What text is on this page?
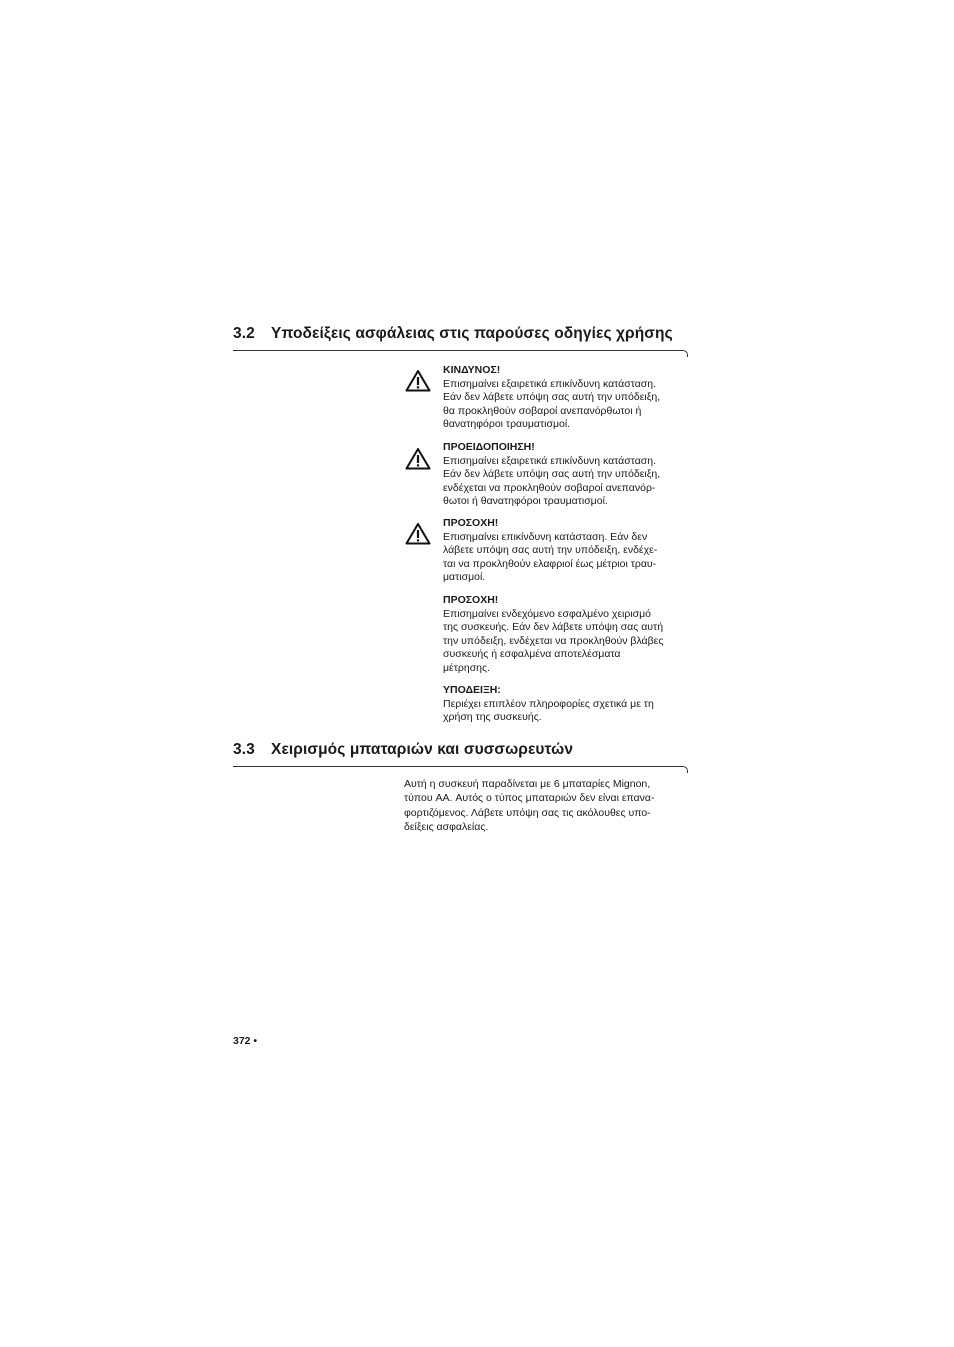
3.2 Υποδείξεις ασφάλειας στις παρούσες οδηγίες χρήσης
ΚΙΝΔΥΝΟΣ!
Επισημαίνει εξαιρετικά επικίνδυνη κατάσταση.
Εάν δεν λάβετε υπόψη σας αυτή την υπόδειξη,
θα προκληθούν σοβαροί ανεπανόρθωτοι ή
θανατηφόροι τραυματισμοί.
ΠΡΟΕΙΔΟΠΟΙΗΣΗ!
Επισημαίνει εξαιρετικά επικίνδυνη κατάσταση.
Εάν δεν λάβετε υπόψη σας αυτή την υπόδειξη,
ενδέχεται να προκληθούν σοβαροί ανεπανόρ-
θωτοι ή θανατηφόροι τραυματισμοί.
ΠΡΟΣΟΧΗ!
Επισημαίνει επικίνδυνη κατάσταση. Εάν δεν
λάβετε υπόψη σας αυτή την υπόδειξη, ενδέχε-
ται να προκληθούν ελαφριοί έως μέτριοι τραυ-
ματισμοί.
ΠΡΟΣΟΧΗ!
Επισημαίνει ενδεχόμενο εσφαλμένο χειρισμό
της συσκευής. Εάν δεν λάβετε υπόψη σας αυτή
την υπόδειξη, ενδέχεται να προκληθούν βλάβες
συσκευής ή εσφαλμένα αποτελέσματα
μέτρησης.
ΥΠΟΔΕΙΞΗ:
Περιέχει επιπλέον πληροφορίες σχετικά με τη
χρήση της συσκευής.
3.3 Χειρισμός μπαταριών και συσσωρευτών
Αυτή η συσκευή παραδίνεται με 6 μπαταρίες Mignon,
τύπου AA. Αυτός ο τύπος μπαταριών δεν είναι επανα-
φορτιζόμενος. Λάβετε υπόψη σας τις ακόλουθες υπο-
δείξεις ασφαλείας.
372 •
